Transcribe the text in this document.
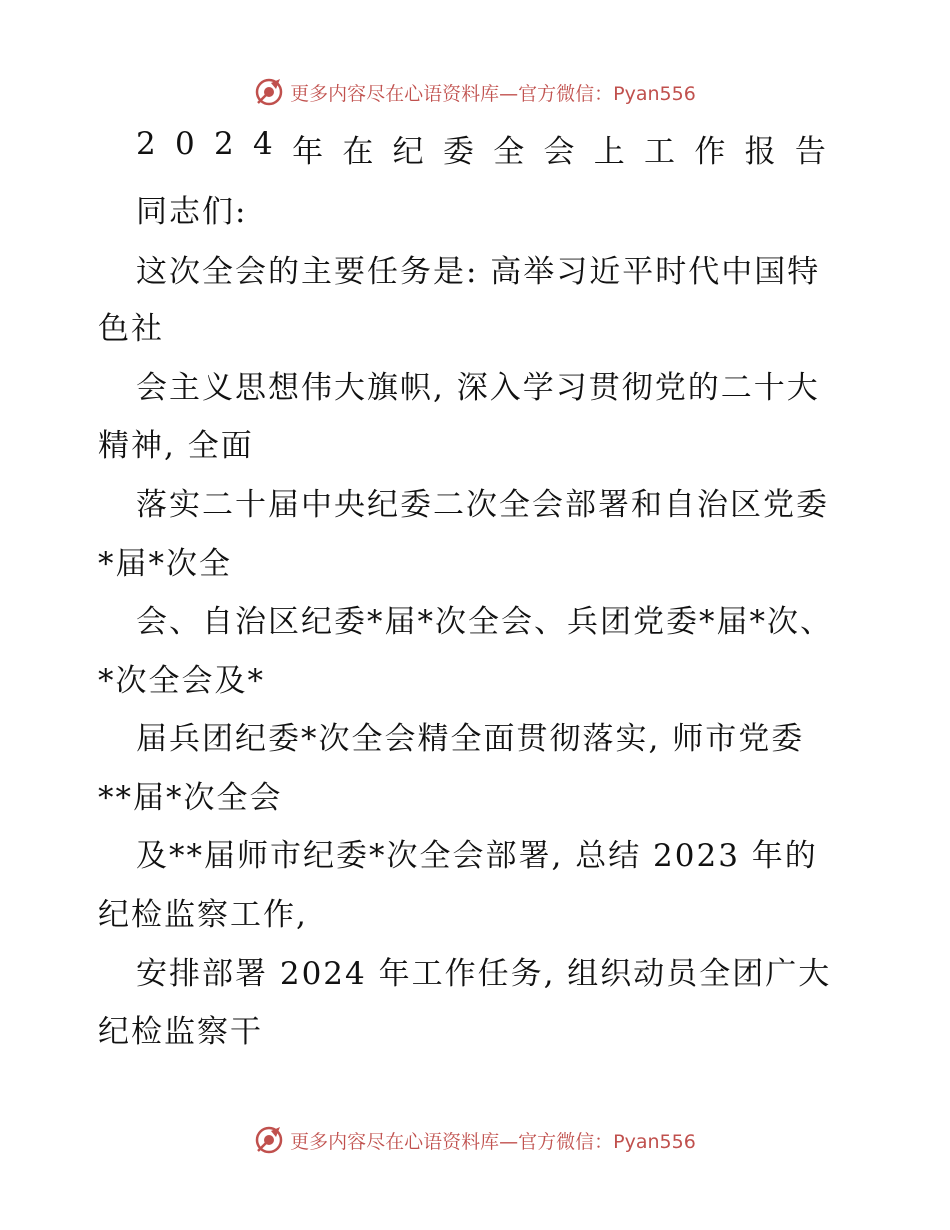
更多内容尽在心语资料库—官方微信：Pyan556
2 0 2 4 年 在 纪 委 全 会 上 工 作 报 告
同志们:
这次全会的主要任务是: 高举习近平时代中国特
色社
会主义思想伟大旗帜, 深入学习贯彻党的二十大
精神, 全面
落实二十届中央纪委二次全会部署和自治区党委
*届*次全
会、自治区纪委*届*次全会、兵团党委*届*次、
*次全会及*
届兵团纪委*次全会精全面贯彻落实, 师市党委
**届*次全会
及**届师市纪委*次全会部署, 总结 2023 年的
纪检监察工作,
安排部署 2024 年工作任务, 组织动员全团广大
纪检监察干
更多内容尽在心语资料库—官方微信：Pyan556
